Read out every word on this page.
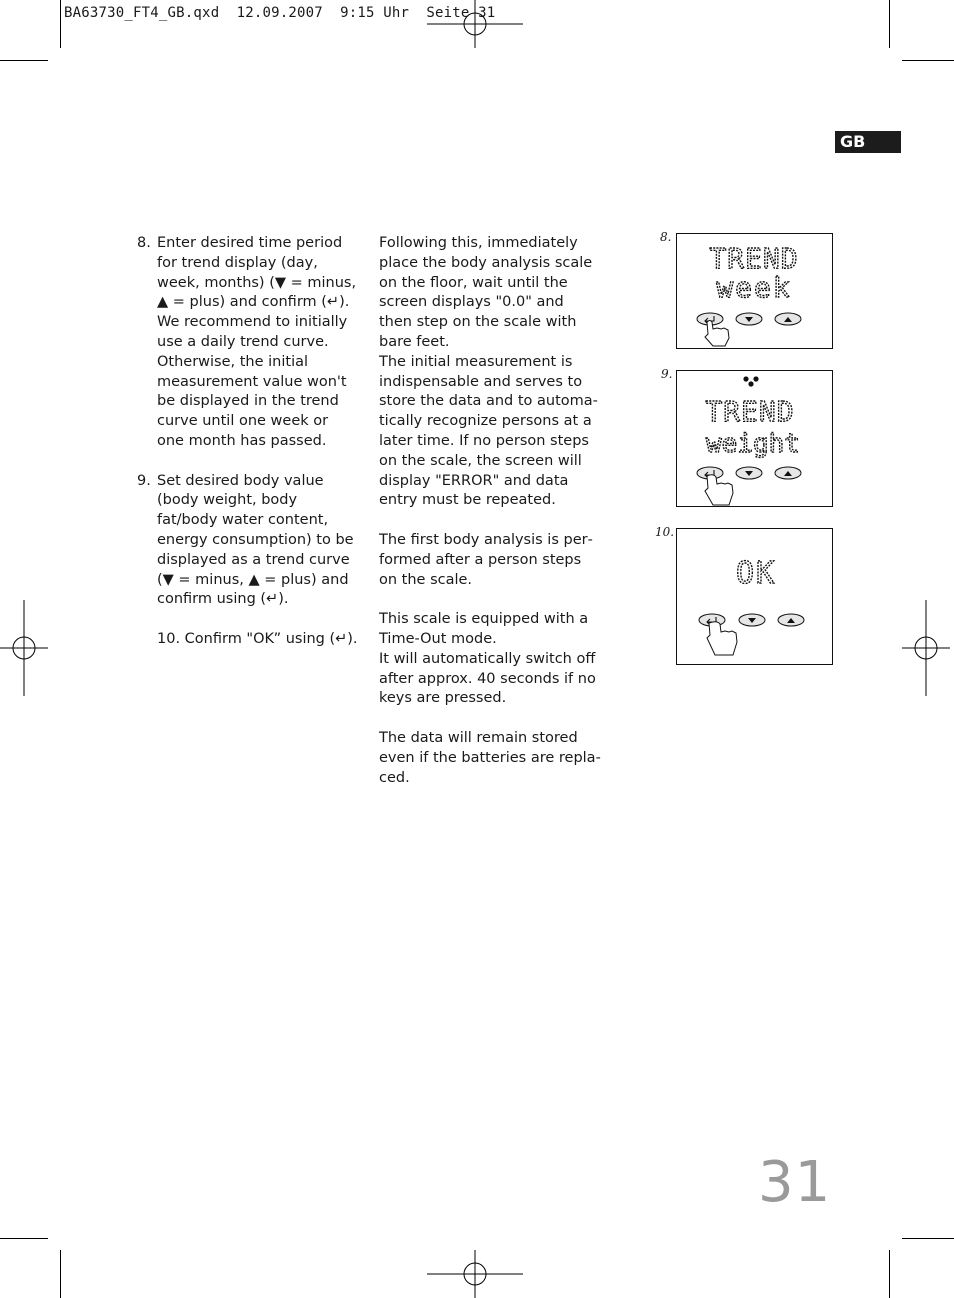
BA63730_FT4_GB.qxd  12.09.2007  9:15 Uhr  Seite 31
GB
8. Enter desired time period for trend display (day, week, months) (▼ = minus, ▲ = plus) and confirm (↵). We recommend to initially use a daily trend curve. Otherwise, the initial measurement value won't be displayed in the trend curve until one week or one month has passed.
9. Set desired body value (body weight, body fat/body water content, energy consumption) to be displayed as a trend curve (▼ = minus, ▲ = plus) and confirm using (↵).

10. Confirm "OK” using (↵).

Following this, immediately place the body analysis scale on the floor, wait until the screen displays "0.0" and then step on the scale with bare feet.

The initial measurement is indispensable and serves to store the data and to automatically recognize persons at a later time. If no person steps on the scale, the screen will display "ERROR" and data entry must be repeated.

The first body analysis is performed after a person steps on the scale.

This scale is equipped with a Time-Out mode.

It will automatically switch off after approx. 40 seconds if no keys are pressed.

The data will remain stored even if the batteries are replaced.

8.
TREND
week
9.
TREND
weight
10.
OK
31
